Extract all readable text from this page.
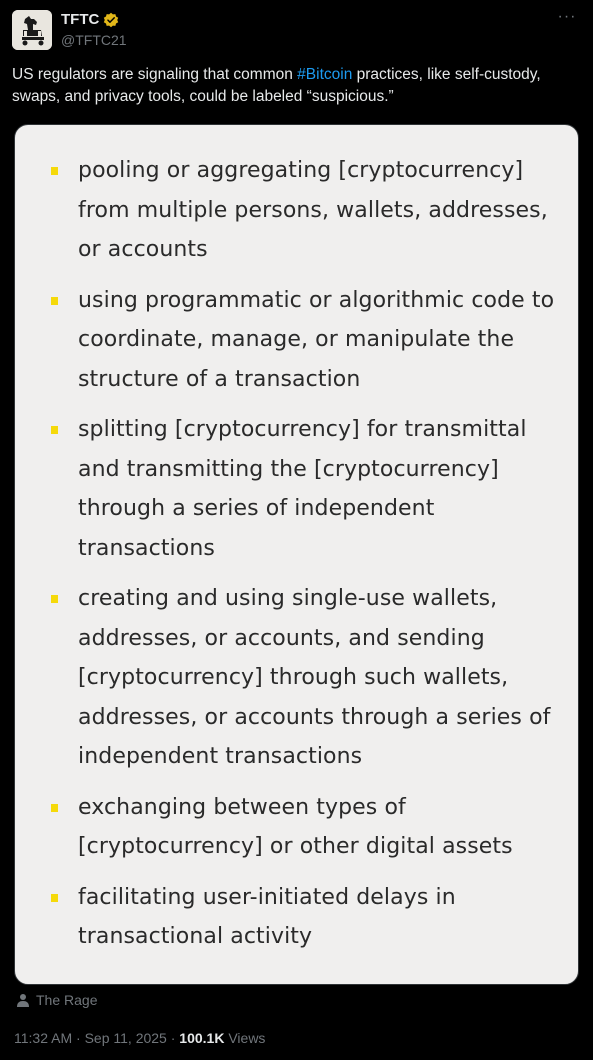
TFTC
@TFTC21
···
US regulators are signaling that common #Bitcoin practices, like self-custody, swaps, and privacy tools, could be labeled “suspicious.”
pooling or aggregating [cryptocurrency] from multiple persons, wallets, addresses, or accounts
using programmatic or algorithmic code to coordinate, manage, or manipulate the structure of a transaction
splitting [cryptocurrency] for transmittal and transmitting the [cryptocurrency] through a series of independent transactions
creating and using single-use wallets, addresses, or accounts, and sending [cryptocurrency] through such wallets, addresses, or accounts through a series of independent transactions
exchanging between types of [cryptocurrency] or other digital assets
facilitating user-initiated delays in transactional activity
The Rage
11:32 AM · Sep 11, 2025 · 100.1K Views
